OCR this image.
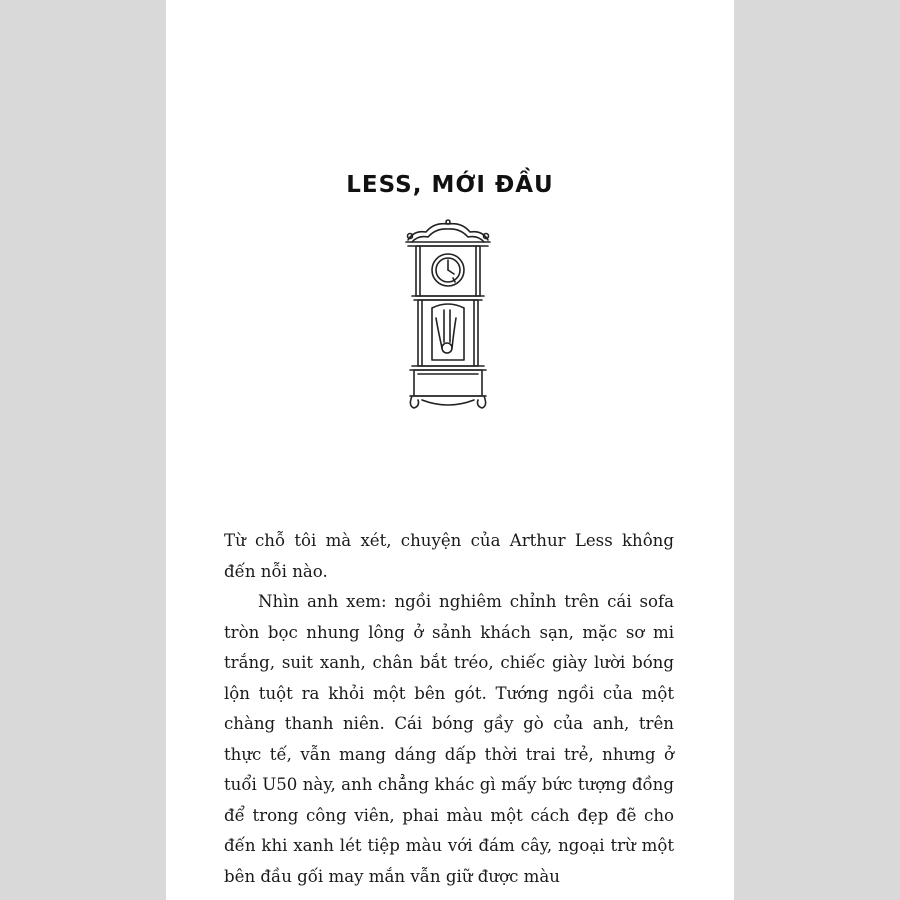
LESS, MỚI ĐẦU

Từ chỗ tôi mà xét, chuyện của Arthur Less không đến nỗi nào.

Nhìn anh xem: ngồi nghiêm chỉnh trên cái sofa tròn bọc nhung lông ở sảnh khách sạn, mặc sơ mi trắng, suit xanh, chân bắt tréo, chiếc giày lười bóng lộn tuột ra khỏi một bên gót. Tướng ngồi của một chàng thanh niên. Cái bóng gầy gò của anh, trên thực tế, vẫn mang dáng dấp thời trai trẻ, nhưng ở tuổi U50 này, anh chẳng khác gì mấy bức tượng đồng để trong công viên, phai màu một cách đẹp đẽ cho đến khi xanh lét tiệp màu với đám cây, ngoại trừ một bên đầu gối may mắn vẫn giữ được màu
